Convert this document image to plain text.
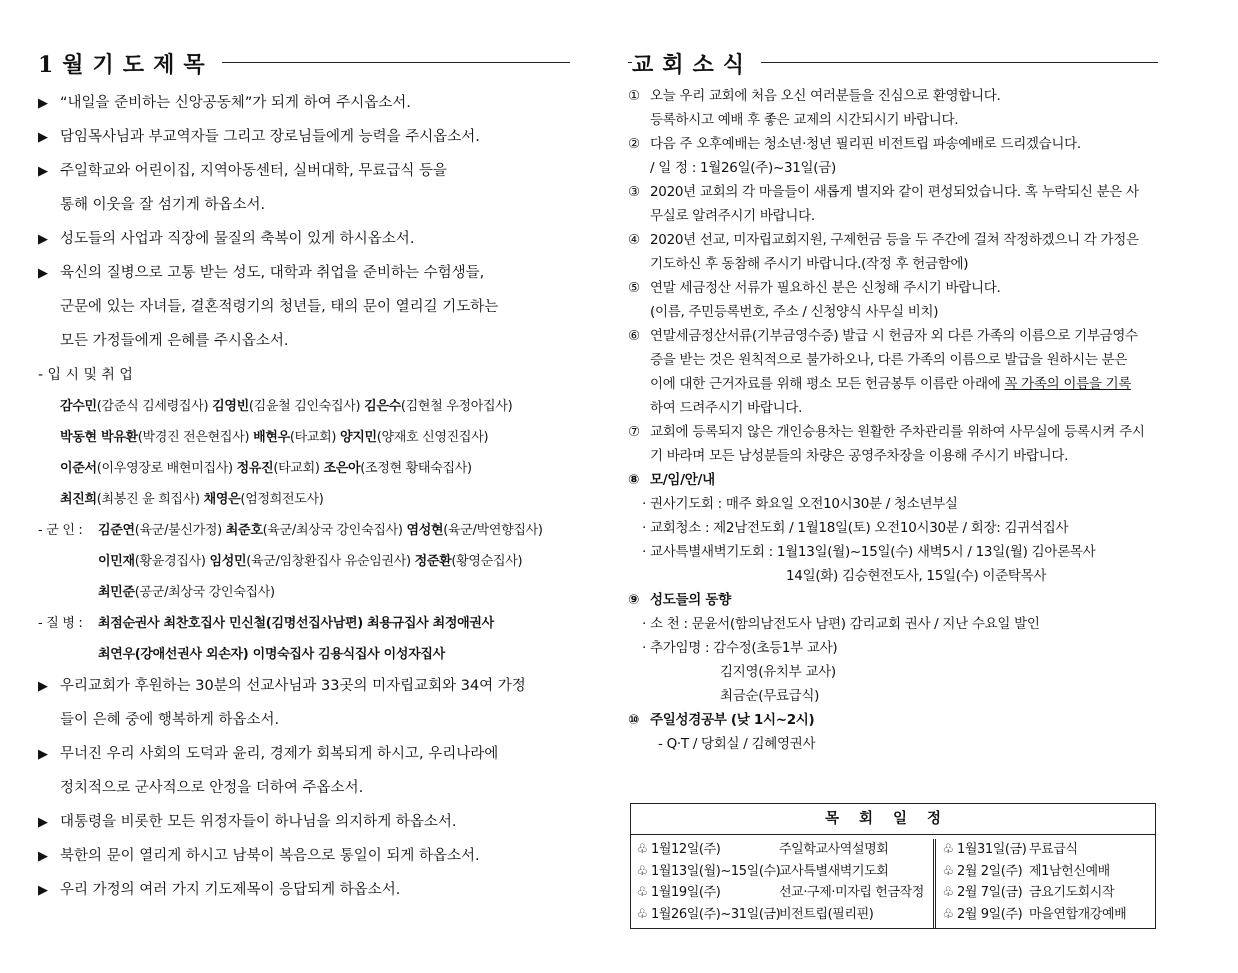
1월기도제목
▶ “내일을 준비하는 신앙공동체”가 되게 하여 주시옵소서.
▶ 담임목사님과 부교역자들 그리고 장로님들에게 능력을 주시옵소서.
▶ 주일학교와 어린이집, 지역아동센터, 실버대학, 무료급식 등을
통해 이웃을 잘 섬기게 하옵소서.
▶ 성도들의 사업과 직장에 물질의 축복이 있게 하시옵소서.
▶ 육신의 질병으로 고통 받는 성도, 대학과 취업을 준비하는 수험생들,
군문에 있는 자녀들, 결혼적령기의 청년들, 태의 문이 열리길 기도하는
모든 가정들에게 은혜를 주시옵소서.
- 입 시 및 취 업
감수민(감준식 김세령집사) 김영빈(김윤철 김인숙집사) 김은수(김현철 우정아집사)
박동현 박유환(박경진 전은현집사) 배현우(타교회) 양지민(양재호 신영진집사)
이준서(이우영장로 배현미집사) 정유진(타교회) 조은아(조정현 황태숙집사)
최진희(최봉진 윤 희집사) 채영은(엄정희전도사)
- 군 인 :김준연(육군/불신가정) 최준호(육군/최상국 강인숙집사) 염성현(육군/박연향집사)
이민재(황윤경집사) 임성민(육군/임창환집사 유순임권사) 정준환(황영순집사)
최민준(공군/최상국 강인숙집사)
- 질 병 :최점순권사 최찬호집사 민신철(김명선집사남편) 최용규집사 최정애권사
최연우(강애선권사 외손자) 이명숙집사 김용식집사 이성자집사
▶ 우리교회가 후원하는 30분의 선교사님과 33곳의 미자립교회와 34여 가정
들이 은혜 중에 행복하게 하옵소서.
▶ 무너진 우리 사회의 도덕과 윤리, 경제가 회복되게 하시고, 우리나라에
정치적으로 군사적으로 안정을 더하여 주옵소서.
▶ 대통령을 비롯한 모든 위정자들이 하나님을 의지하게 하옵소서.
▶ 북한의 문이 열리게 하시고 남북이 복음으로 통일이 되게 하옵소서.
▶ 우리 가정의 여러 가지 기도제목이 응답되게 하옵소서.
교회소식
① 오늘 우리 교회에 처음 오신 여러분들을 진심으로 환영합니다.
등록하시고 예배 후 좋은 교제의 시간되시기 바랍니다.
② 다음 주 오후예배는 청소년·청년 필리핀 비전트립 파송예배로 드리겠습니다.
/ 일 정 : 1월26일(주)~31일(금)
③ 2020년 교회의 각 마을들이 새롭게 별지와 같이 편성되었습니다. 혹 누락되신 분은 사
무실로 알려주시기 바랍니다.
④ 2020년 선교, 미자립교회지원, 구제헌금 등을 두 주간에 걸쳐 작정하겠으니 각 가정은
기도하신 후 동참해 주시기 바랍니다.(작정 후 헌금함에)
⑤ 연말 세금정산 서류가 필요하신 분은 신청해 주시기 바랍니다.
(이름, 주민등록번호, 주소 / 신청양식 사무실 비치)
⑥ 연말세금정산서류(기부금영수증) 발급 시 헌금자 외 다른 가족의 이름으로 기부금영수
증을 받는 것은 원칙적으로 불가하오나, 다른 가족의 이름으로 발급을 원하시는 분은
이에 대한 근거자료를 위해 평소 모든 헌금봉투 이름란 아래에 꼭 가족의 이름을 기록
하여 드려주시기 바랍니다.
⑦ 교회에 등록되지 않은 개인승용차는 원활한 주차관리를 위하여 사무실에 등록시켜 주시
기 바라며 모든 남성분들의 차량은 공영주차장을 이용해 주시기 바랍니다.
⑧ 모/임/안/내
· 권사기도회 : 매주 화요일 오전10시30분 / 청소년부실
· 교회청소 : 제2남전도회 / 1월18일(토) 오전10시30분 / 회장: 김귀석집사
· 교사특별새벽기도회 : 1월13일(월)~15일(수) 새벽5시 / 13일(월) 김아론목사
14일(화) 김승현전도사, 15일(수) 이준탁목사
⑨ 성도들의 동향
· 소 천 : 문윤서(함의남전도사 남편) 감리교회 권사 / 지난 수요일 발인
· 추가임명 : 감수정(초등1부 교사)
김지영(유치부 교사)
최금순(무료급식)
⑩ 주일성경공부 (낮 1시~2시)
- Q·T / 당회실 / 김혜영권사
목회일정
♧ 1월12일(주)	주일학교사역설명회
♧ 1월13일(월)~15일(수)교사특별새벽기도회
♧ 1월19일(주)	선교·구제·미자립 헌금작정
♧ 1월26일(주)~31일(금)비전트립(필리핀)
♧ 1월31일(금) 무료급식
♧ 2월 2일(주) 제1남헌신예배
♧ 2월 7일(금) 금요기도회시작
♧ 2월 9일(주) 마을연합개강예배
